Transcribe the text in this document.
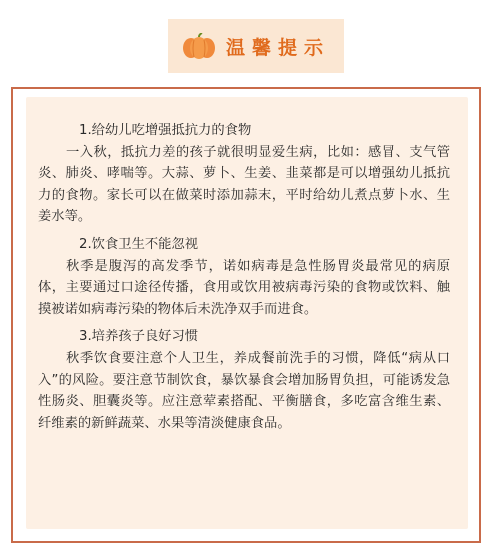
温馨提示

1.给幼儿吃增强抵抗力的食物

一入秋，抵抗力差的孩子就很明显爱生病，比如：感冒、支气管炎、肺炎、哮喘等。大蒜、萝卜、生姜、韭菜都是可以增强幼儿抵抗力的食物。家长可以在做菜时添加蒜末，平时给幼儿煮点萝卜水、生姜水等。

2.饮食卫生不能忽视

秋季是腹泻的高发季节，诺如病毒是急性肠胃炎最常见的病原体，主要通过口途径传播，食用或饮用被病毒污染的食物或饮料、触摸被诺如病毒污染的物体后未洗净双手而进食。

3.培养孩子良好习惯

秋季饮食要注意个人卫生，养成餐前洗手的习惯，降低“病从口入”的风险。要注意节制饮食，暴饮暴食会增加肠胃负担，可能诱发急性肠炎、胆囊炎等。应注意荤素搭配、平衡膳食，多吃富含维生素、纤维素的新鲜蔬菜、水果等清淡健康食品。
